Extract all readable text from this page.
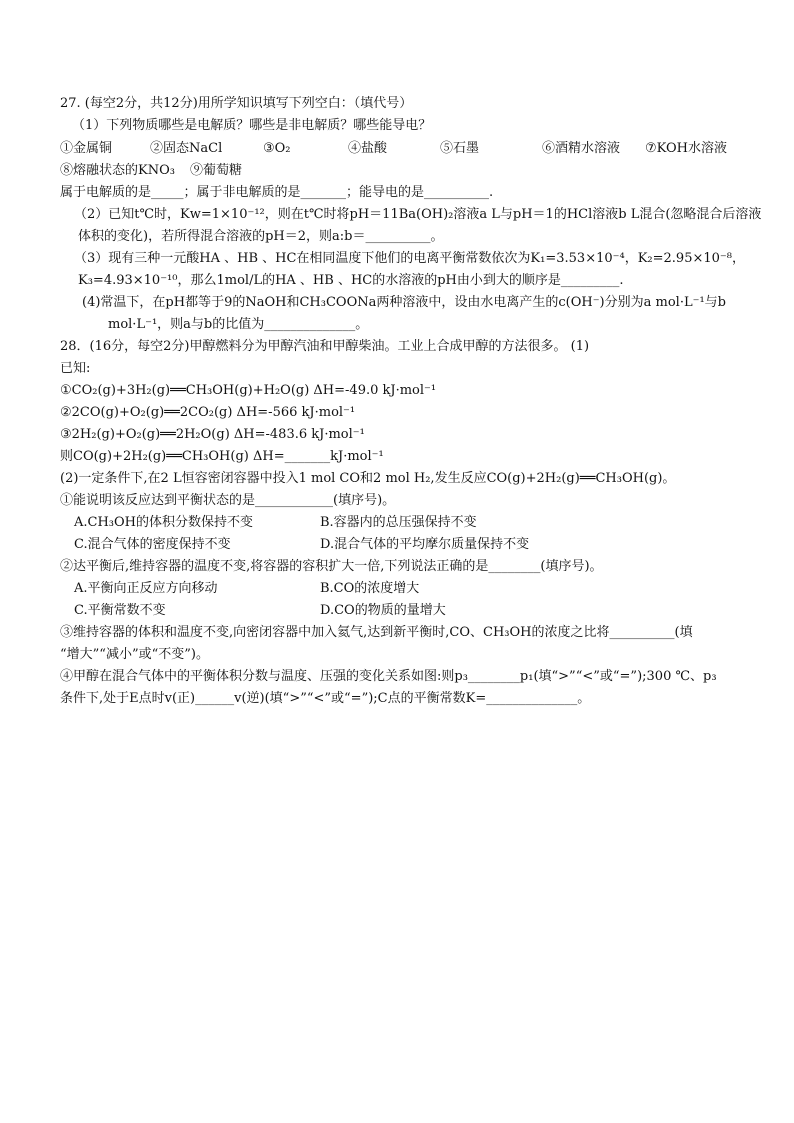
27. (每空2分，共12分)用所学知识填写下列空白：（填代号）
（1）下列物质哪些是电解质？哪些是非电解质？哪些能导电？
①金属铜	②固态NaCl	③O₂	④盐酸	⑤石墨	⑥酒精水溶液 ⑦KOH水溶液
⑧熔融状态的KNO₃ ⑨葡萄糖
属于电解质的是_____；属于非电解质的是_______；能导电的是__________.
（2）已知t℃时，Kw=1×10⁻¹²，则在t℃时将pH＝11Ba(OH)₂溶液a L与pH＝1的HCl溶液b L混合(忽略混合后溶液
体积的变化)，若所得混合溶液的pH＝2，则a:b＝__________。
（3）现有三种一元酸HA 、HB 、HC在相同温度下他们的电离平衡常数依次为K₁=3.53×10⁻⁴，K₂=2.95×10⁻⁸，
K₃=4.93×10⁻¹⁰，那么1mol/L的HA 、HB 、HC的水溶液的pH由小到大的顺序是_________.
(4)常温下，在pH都等于9的NaOH和CH₃COONa两种溶液中，设由水电离产生的c(OH⁻)分别为a mol·L⁻¹与b
mol·L⁻¹，则a与b的比值为______________。
28．(16分，每空2分)甲醇燃料分为甲醇汽油和甲醇柴油。工业上合成甲醇的方法很多。 (1)
已知:
①CO₂(g)+3H₂(g)══CH₃OH(g)+H₂O(g) ΔH=-49.0 kJ·mol⁻¹
②2CO(g)+O₂(g)══2CO₂(g) ΔH=-566 kJ·mol⁻¹
③2H₂(g)+O₂(g)══2H₂O(g) ΔH=-483.6 kJ·mol⁻¹
则CO(g)+2H₂(g)══CH₃OH(g) ΔH=_______kJ·mol⁻¹
(2)一定条件下,在2 L恒容密闭容器中投入1 mol CO和2 mol H₂,发生反应CO(g)+2H₂(g)══CH₃OH(g)。
①能说明该反应达到平衡状态的是____________(填序号)。
A.CH₃OH的体积分数保持不变	B.容器内的总压强保持不变
C.混合气体的密度保持不变	D.混合气体的平均摩尔质量保持不变
②达平衡后,维持容器的温度不变,将容器的容积扩大一倍,下列说法正确的是________(填序号)。
A.平衡向正反应方向移动	B.CO的浓度增大
C.平衡常数不变	D.CO的物质的量增大
③维持容器的体积和温度不变,向密闭容器中加入氦气,达到新平衡时,CO、CH₃OH的浓度之比将__________(填
“增大”“减小”或“不变”)。
④甲醇在混合气体中的平衡体积分数与温度、压强的变化关系如图:则p₃________p₁(填“>”“<”或“=”);300 ℃、p₃
条件下,处于E点时v(正)______v(逆)(填“>”“<”或“=”);C点的平衡常数K=______________。
